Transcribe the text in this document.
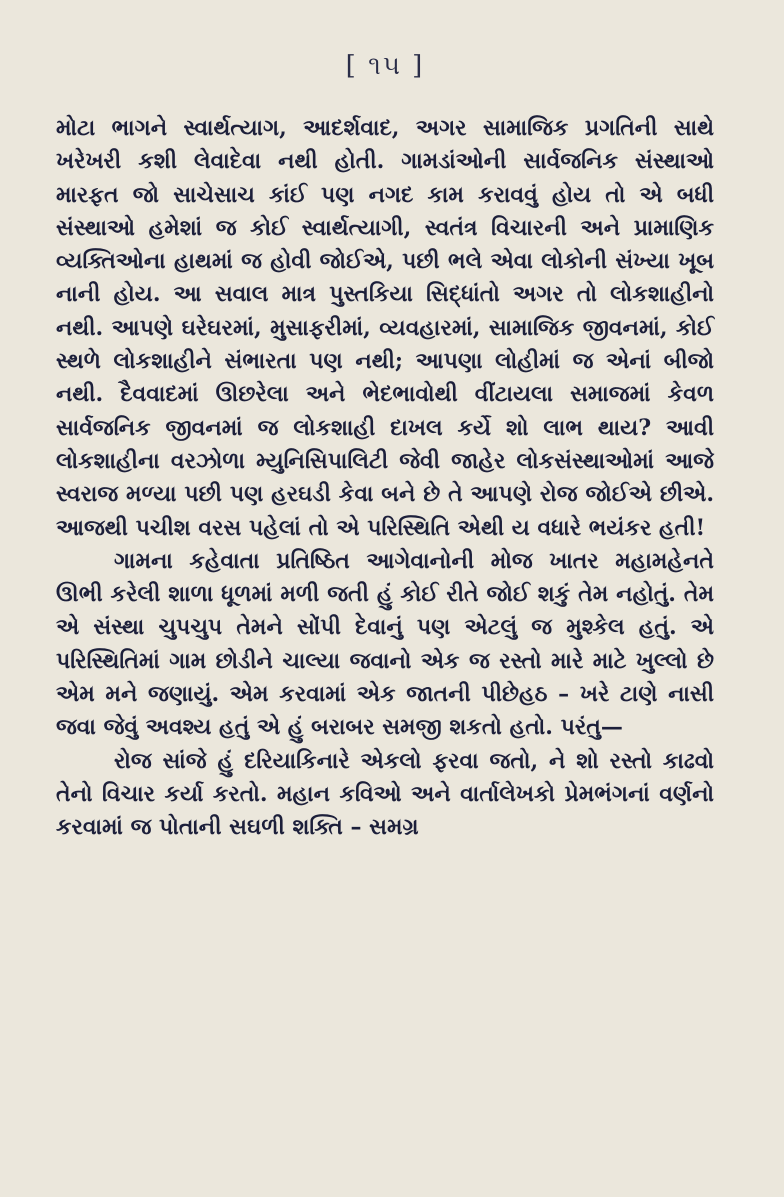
[ ૧૫ ]

મોટા ભાગને સ્વાર્થત્યાગ, આદર્શવાદ, અગર સામાજિક પ્રગતિની સાથે ખરેખરી કશી લેવાદેવા નથી હોતી. ગામડાંઓની સાર્વજનિક સંસ્થાઓ મારફત જો સાચેસાચ કાંઈ પણ નગદ કામ કરાવવું હોય તો એ બધી સંસ્થાઓ હમેશાં જ કોઈ સ્વાર્થત્યાગી, સ્વતંત્ર વિચારની અને પ્રામાણિક વ્યક્તિઓના હાથમાં જ હોવી જોઈએ, પછી ભલે એવા લોકોની સંખ્યા ખૂબ નાની હોય. આ સવાલ માત્ર પુસ્તકિયા સિદ્ધાંતો અગર તો લોકશાહીનો નથી. આપણે ઘરેઘરમાં, મુસાફરીમાં, વ્યવહારમાં, સામાજિક જીવનમાં, કોઈ સ્થળે લોકશાહીને સંભારતા પણ નથી; આપણા લોહીમાં જ એનાં બીજો નથી. દૈવવાદમાં ઊછરેલા અને ભેદભાવોથી વીંટાયલા સમાજમાં કેવળ સાર્વજનિક જીવનમાં જ લોકશાહી દાખલ કર્યે શો લાભ થાય? આવી લોકશાહીના વરઝોળા મ્યુનિસિપાલિટી જેવી જાહેર લોકસંસ્થાઓમાં આજે સ્વરાજ મળ્યા પછી પણ હરઘડી કેવા બને છે તે આપણે રોજ જોઈએ છીએ. આજથી પચીશ વરસ પહેલાં તો એ પરિસ્થિતિ એથી ય વધારે ભયંકર હતી!

ગામના કહેવાતા પ્રતિષ્ઠિત આગેવાનોની મોજ ખાતર મહામહેનતે ઊભી કરેલી શાળા ધૂળમાં મળી જતી હું કોઈ રીતે જોઈ શકું તેમ નહોતું. તેમ એ સંસ્થા ચુપચુપ તેમને સોંપી દેવાનું પણ એટલું જ મુશ્કેલ હતું. એ પરિસ્થિતિમાં ગામ છોડીને ચાલ્યા જવાનો એક જ રસ્તો મારે માટે ખુલ્લો છે એમ મને જણાયું. એમ કરવામાં એક જાતની પીછેહઠ – ખરે ટાણે નાસી જવા જેવું અવશ્ય હતું એ હું બરાબર સમજી શકતો હતો. પરંતુ—

રોજ સાંજે હું દરિયાકિનારે એકલો ફરવા જતો, ને શો રસ્તો કાઢવો તેનો વિચાર કર્યા કરતો. મહાન કવિઓ અને વાર્તાલેખકો પ્રેમભંગનાં વર્ણનો કરવામાં જ પોતાની સઘળી શક્તિ – સમગ્ર
